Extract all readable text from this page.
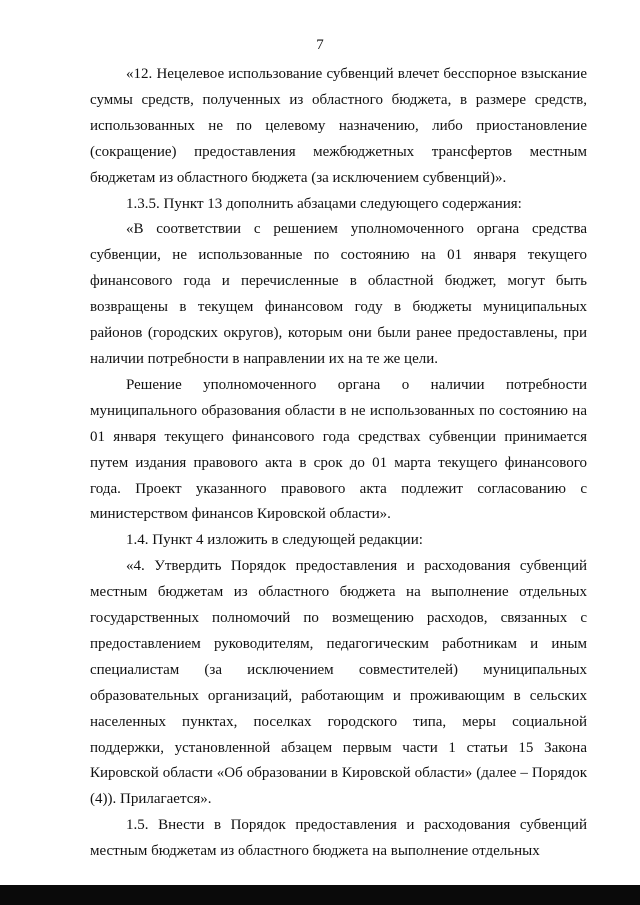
7

«12. Нецелевое использование субвенций влечет бесспорное взыскание суммы средств, полученных из областного бюджета, в размере средств, использованных не по целевому назначению, либо приостановление (сокращение) предоставления межбюджетных трансфертов местным бюджетам из областного бюджета (за исключением субвенций)».

1.3.5. Пункт 13 дополнить абзацами следующего содержания:

«В соответствии с решением уполномоченного органа средства субвенции, не использованные по состоянию на 01 января текущего финансового года и перечисленные в областной бюджет, могут быть возвращены в текущем финансовом году в бюджеты муниципальных районов (городских округов), которым они были ранее предоставлены, при наличии потребности в направлении их на те же цели.

Решение уполномоченного органа о наличии потребности муниципального образования области в не использованных по состоянию на 01 января текущего финансового года средствах субвенции принимается путем издания правового акта в срок до 01 марта текущего финансового года. Проект указанного правового акта подлежит согласованию с министерством финансов Кировской области».

1.4. Пункт 4 изложить в следующей редакции:

«4. Утвердить Порядок предоставления и расходования субвенций местным бюджетам из областного бюджета на выполнение отдельных государственных полномочий по возмещению расходов, связанных с предоставлением руководителям, педагогическим работникам и иным специалистам (за исключением совместителей) муниципальных образовательных организаций, работающим и проживающим в сельских населенных пунктах, поселках городского типа, меры социальной поддержки, установленной абзацем первым части 1 статьи 15 Закона Кировской области «Об образовании в Кировской области» (далее – Порядок (4)). Прилагается».

1.5. Внести в Порядок предоставления и расходования субвенций местным бюджетам из областного бюджета на выполнение отдельных
